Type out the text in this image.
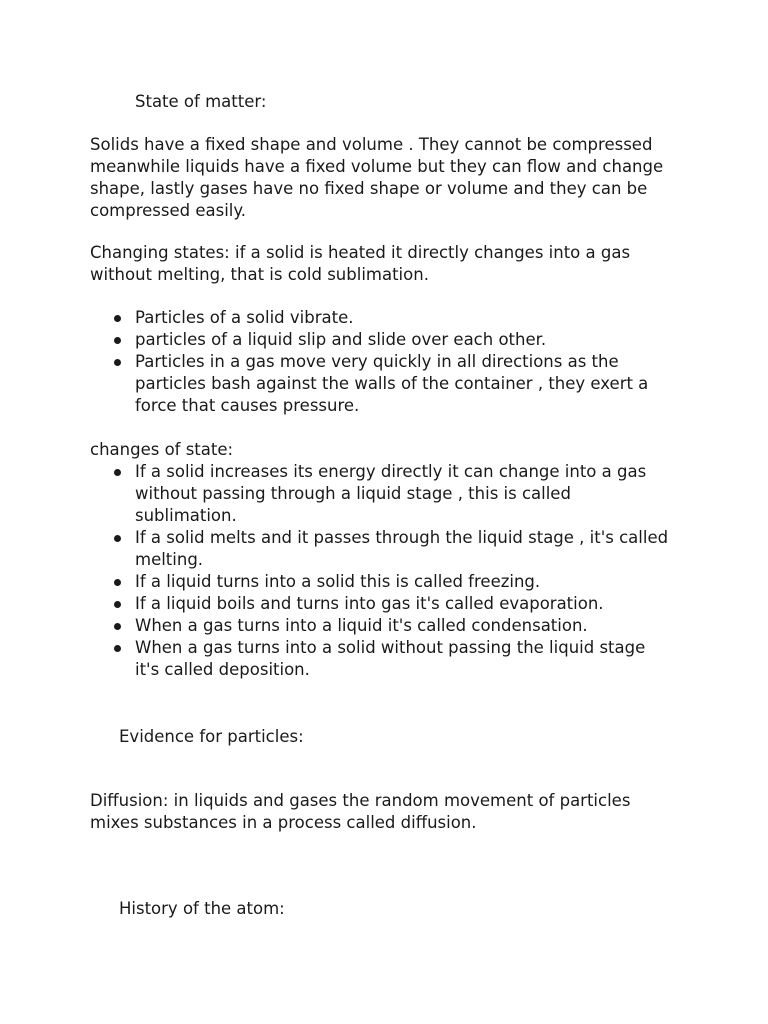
State of matter:

Solids have a fixed shape and volume . They cannot be compressed meanwhile liquids have a fixed volume but they can flow and change shape, lastly gases have no fixed shape or volume and they can be compressed easily.

Changing states: if a solid is heated it directly changes into a gas without melting, that is cold sublimation.

Particles of a solid vibrate.
particles of a liquid slip and slide over each other.
Particles in a gas move very quickly in all directions as the particles bash against the walls of the container , they exert a force that causes pressure.

changes of state:

If a solid increases its energy directly it can change into a gas without passing through a liquid stage , this is called sublimation.
If a solid melts and it passes through the liquid stage , it's called melting.
If a liquid turns into a solid this is called freezing.
If a liquid boils and turns into gas it's called evaporation.
When a gas turns into a liquid it's called condensation.
When a gas turns into a solid without passing the liquid stage it's called deposition.

Evidence for particles:

Diffusion: in liquids and gases the random movement of particles mixes substances in a process called diffusion.

History of the atom:
